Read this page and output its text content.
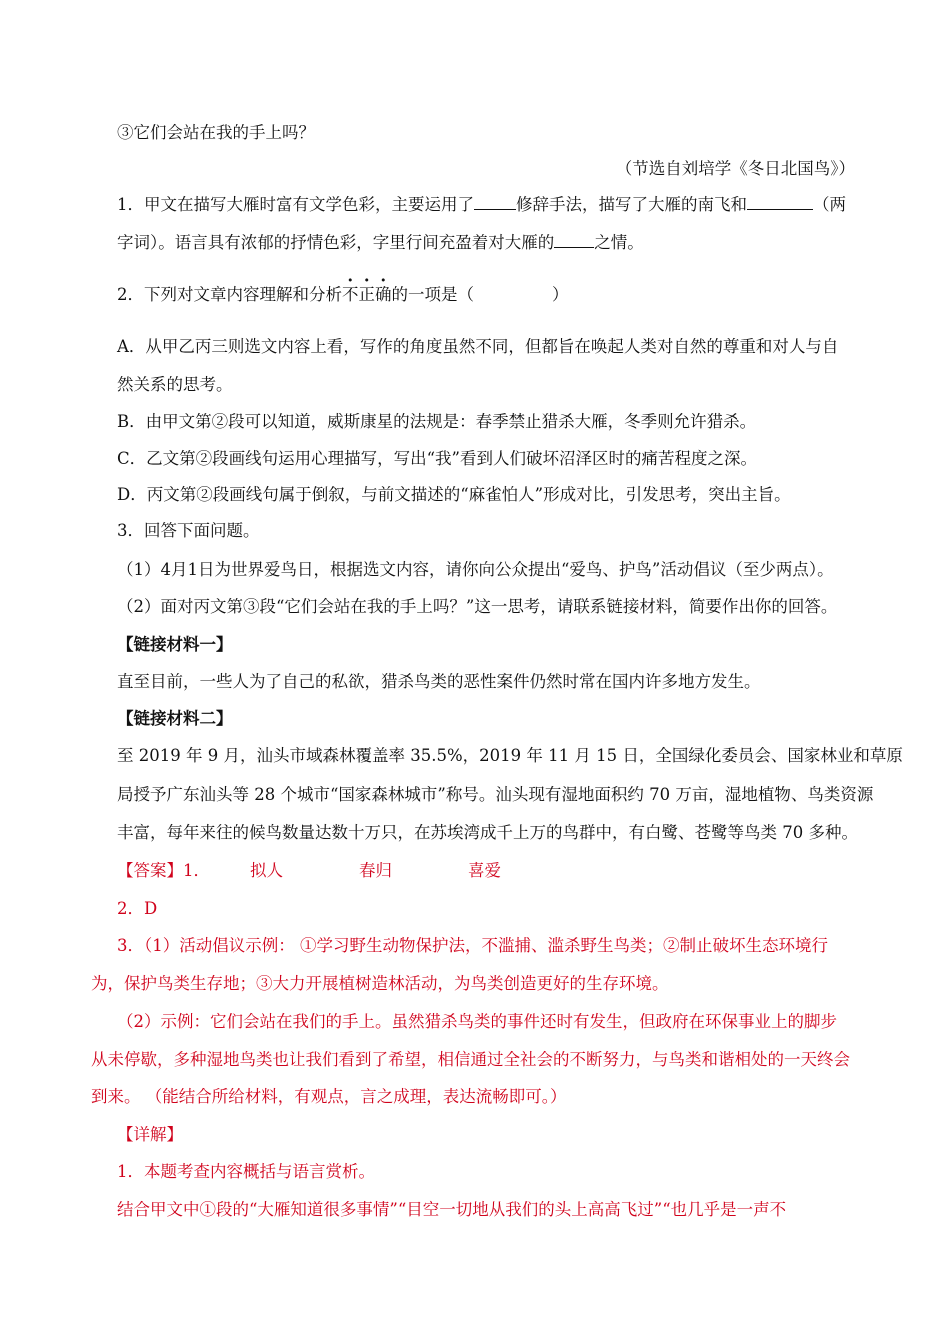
③它们会站在我的手上吗？
（节选自刘培学《冬日北国鸟》）
1．甲文在描写大雁时富有文学色彩，主要运用了	修辞手法，描写了大雁的南飞和	（两
字词）。语言具有浓郁的抒情色彩，字里行间充盈着对大雁的 之情。
2．下列对文章内容理解和分析不正确的一项是（	）
A．从甲乙丙三则选文内容上看，写作的角度虽然不同，但都旨在唤起人类对自然的尊重和对人与自
然关系的思考。
B．由甲文第②段可以知道，威斯康星的法规是：春季禁止猎杀大雁，冬季则允许猎杀。
C．乙文第②段画线句运用心理描写，写出“我”看到人们破坏沼泽区时的痛苦程度之深。
D．丙文第②段画线句属于倒叙，与前文描述的“麻雀怕人”形成对比，引发思考，突出主旨。
3．回答下面问题。
（1）4月1日为世界爱鸟日，根据选文内容，请你向公众提出“爱鸟、护鸟”活动倡议（至少两点）。
（2）面对丙文第③段“它们会站在我的手上吗？”这一思考，请联系链接材料，简要作出你的回答。
【链接材料一】
直至目前，一些人为了自己的私欲，猎杀鸟类的恶性案件仍然时常在国内许多地方发生。
【链接材料二】
至 2019 年 9 月，汕头市域森林覆盖率 35.5%，2019 年 11 月 15 日，全国绿化委员会、国家林业和草原
局授予广东汕头等 28 个城市“国家森林城市”称号。汕头现有湿地面积约 70 万亩，湿地植物、鸟类资源
丰富，每年来往的候鸟数量达数十万只，在苏埃湾成千上万的鸟群中，有白鹭、苍鹭等鸟类 70 多种。
【答案】1． 拟人	春归	喜爱
2．D
3．（1）活动倡议示例： ①学习野生动物保护法，不滥捕、滥杀野生鸟类；②制止破坏生态环境行
为，保护鸟类生存地；③大力开展植树造林活动，为鸟类创造更好的生存环境。
（2）示例：它们会站在我们的手上。虽然猎杀鸟类的事件还时有发生，但政府在环保事业上的脚步
从未停歇，多种湿地鸟类也让我们看到了希望，相信通过全社会的不断努力，与鸟类和谐相处的一天终会
到来。 （能结合所给材料，有观点，言之成理，表达流畅即可。）
【详解】
1．本题考查内容概括与语言赏析。
结合甲文中①段的“大雁知道很多事情”“目空一切地从我们的头上高高飞过”“也几乎是一声不
